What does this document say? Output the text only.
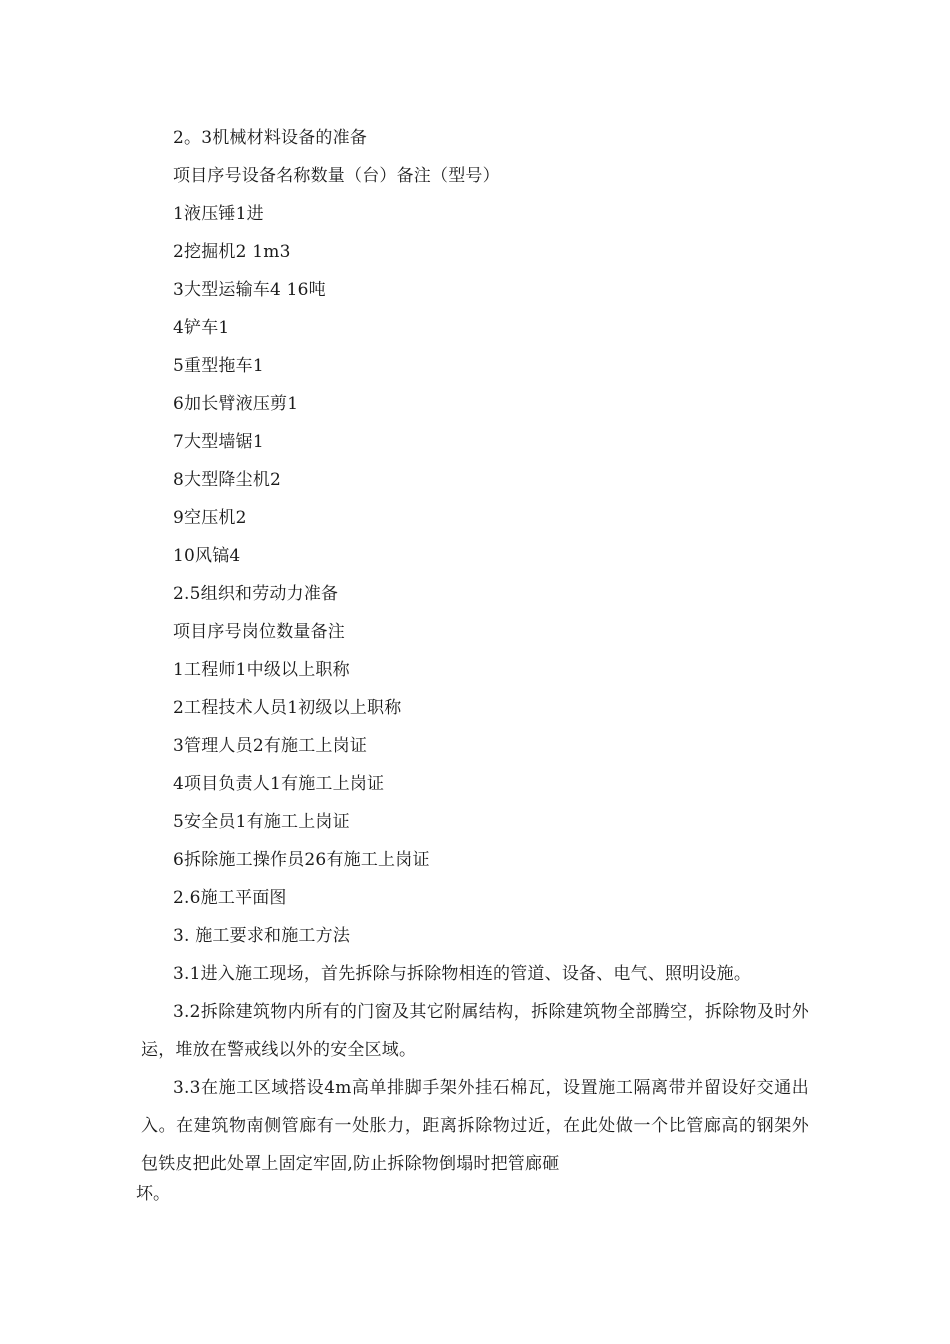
2。3机械材料设备的准备
项目序号设备名称数量（台）备注（型号）
1液压锤1进
2挖掘机2 1m3
3大型运输车4 16吨
4铲车1
5重型拖车1
6加长臂液压剪1
7大型墙锯1
8大型降尘机2
9空压机2
10风镐4
2.5组织和劳动力准备
项目序号岗位数量备注
1工程师1中级以上职称
2工程技术人员1初级以上职称
3管理人员2有施工上岗证
4项目负责人1有施工上岗证
5安全员1有施工上岗证
6拆除施工操作员26有施工上岗证
2.6施工平面图
3. 施工要求和施工方法
3.1进入施工现场，首先拆除与拆除物相连的管道、设备、电气、照明设施。
3.2拆除建筑物内所有的门窗及其它附属结构，拆除建筑物全部腾空，拆除物及时外运，堆放在警戒线以外的安全区域。
3.3在施工区域搭设4m高单排脚手架外挂石棉瓦，设置施工隔离带并留设好交通出入。在建筑物南侧管廊有一处胀力，距离拆除物过近，在此处做一个比管廊高的钢架外包铁皮把此处罩上固定牢固,防止拆除物倒塌时把管廊砸
坏。
